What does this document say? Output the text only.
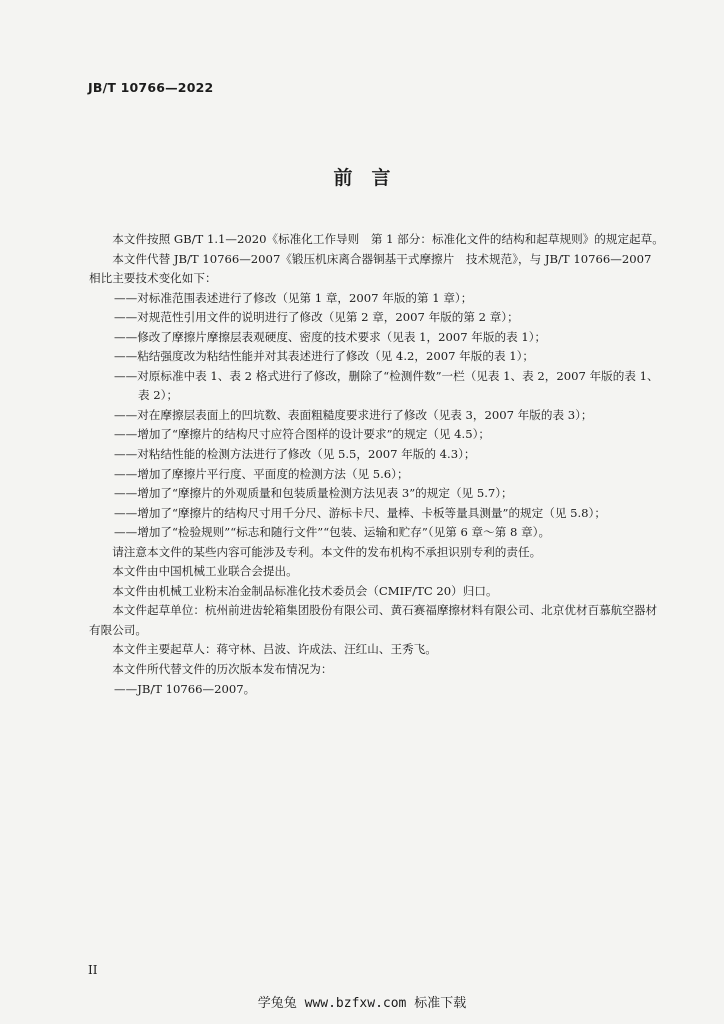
JB/T 10766—2022
前　言

本文件按照 GB/T 1.1—2020《标准化工作导则　第 1 部分：标准化文件的结构和起草规则》的规定起草。

本文件代替 JB/T 10766—2007《锻压机床离合器铜基干式摩擦片　技术规范》，与 JB/T 10766—2007 相比主要技术变化如下：

——对标准范围表述进行了修改（见第 1 章，2007 年版的第 1 章）；

——对规范性引用文件的说明进行了修改（见第 2 章，2007 年版的第 2 章）；

——修改了摩擦片摩擦层表观硬度、密度的技术要求（见表 1，2007 年版的表 1）；

——粘结强度改为粘结性能并对其表述进行了修改（见 4.2，2007 年版的表 1）；

——对原标准中表 1、表 2 格式进行了修改，删除了“检测件数”一栏（见表 1、表 2，2007 年版的表 1、表 2）；

——对在摩擦层表面上的凹坑数、表面粗糙度要求进行了修改（见表 3，2007 年版的表 3）；

——增加了“摩擦片的结构尺寸应符合图样的设计要求”的规定（见 4.5）；

——对粘结性能的检测方法进行了修改（见 5.5，2007 年版的 4.3）；

——增加了摩擦片平行度、平面度的检测方法（见 5.6）；

——增加了“摩擦片的外观质量和包装质量检测方法见表 3”的规定（见 5.7）；

——增加了“摩擦片的结构尺寸用千分尺、游标卡尺、量棒、卡板等量具测量”的规定（见 5.8）；

——增加了“检验规则”“标志和随行文件”“包装、运输和贮存”（见第 6 章～第 8 章）。

请注意本文件的某些内容可能涉及专利。本文件的发布机构不承担识别专利的责任。

本文件由中国机械工业联合会提出。

本文件由机械工业粉末冶金制品标准化技术委员会（CMIF/TC 20）归口。

本文件起草单位：杭州前进齿轮箱集团股份有限公司、黄石赛福摩擦材料有限公司、北京优材百慕航空器材有限公司。

本文件主要起草人：蒋守林、吕波、许成法、汪红山、王秀飞。

本文件所代替文件的历次版本发布情况为：

——JB/T 10766—2007。

II
学兔兔 www.bzfxw.com 标准下载
